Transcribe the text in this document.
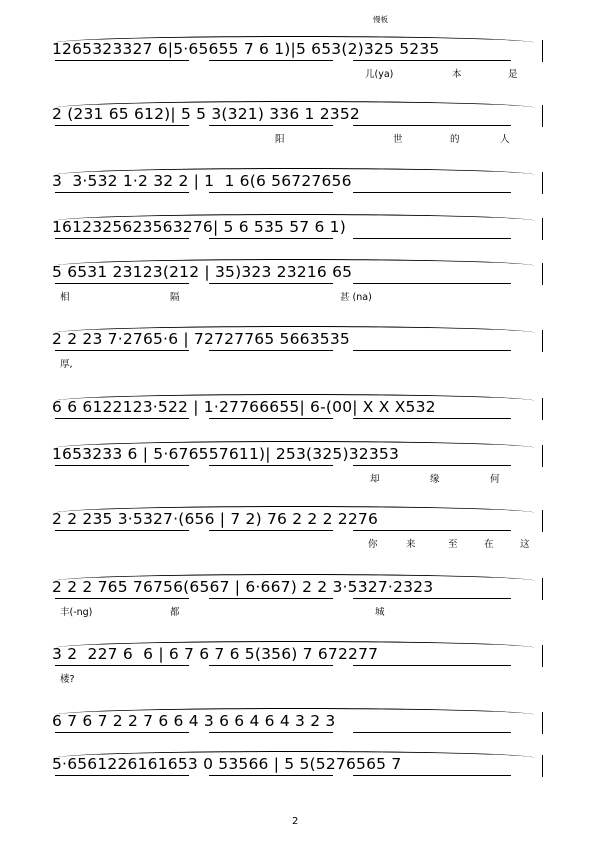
慢板
1265323327 6|5·65655 7 6 1)|5 653(2)325 5235
儿(ya)	本	是
2 (231 65 612)| 5 5 3(321) 336 1 2352
阳	世	的	人
3  3·532 1·2 32 2 | 1  1 6(6 56727656
1612325623563276| 5 6 535 57 6 1)
5 6531 23123(212 | 35)323 23216 65
相	隔	甚 (na)
2 2 23 7·2765·6 | 72727765 5663535
厚,
6 6 6122123·522 | 1·27766655| 6-(00| X X X532
1653233 6 | 5·676557611)| 253(325)32353
却	缘	何
2 2 235 3·5327·(656 | 7 2) 76 2 2 2 2276
你	来	至	在	这
2 2 2 765 76756(6567 | 6·667) 2 2 3·5327·2323
丰(-ng)	都	城
3 2  227 6  6 | 6 7 6 7 6 5(356) 7 672277
楼?
6 7 6 7 2 2 7 6 6 4 3 6 6 4 6 4 3 2 3
5·6561226161653 0 53566 | 5 5(5276565 7
2
